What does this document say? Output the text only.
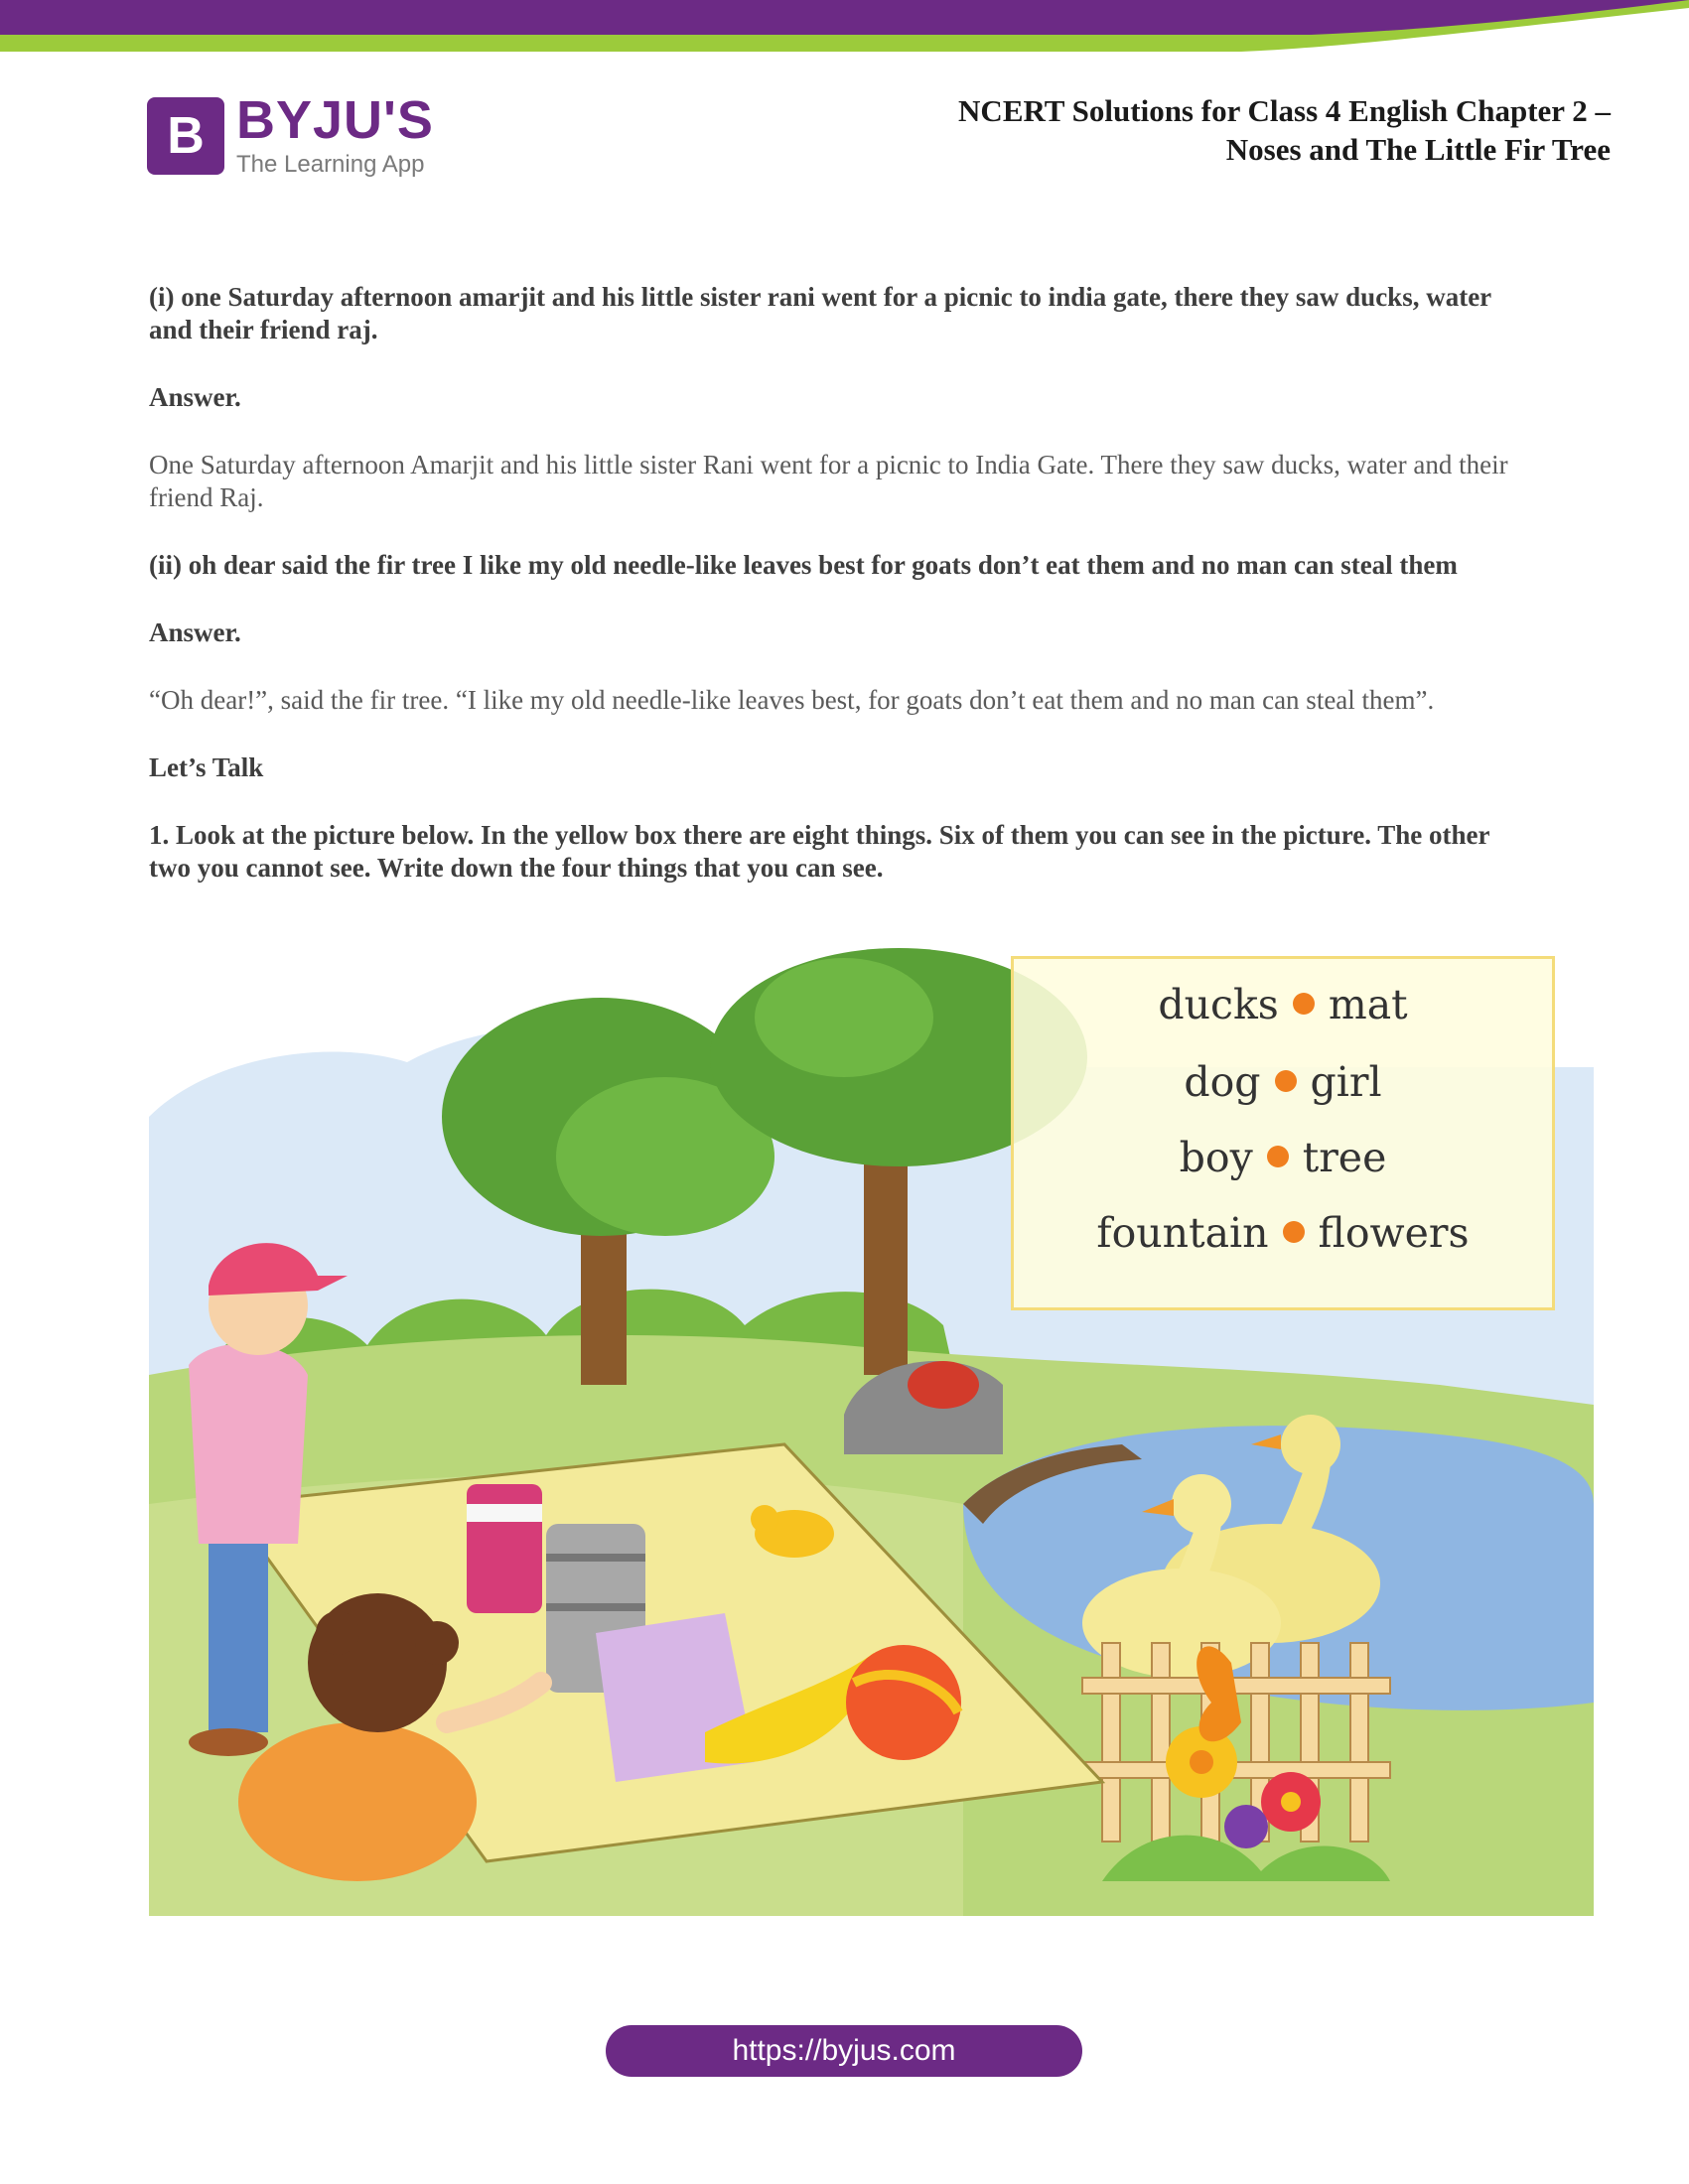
B BYJU'S
The Learning App
NCERT Solutions for Class 4 English Chapter 2 –
Noses and The Little Fir Tree

(i) one Saturday afternoon amarjit and his little sister rani went for a picnic to india gate, there they saw ducks, water and their friend raj.

Answer.

One Saturday afternoon Amarjit and his little sister Rani went for a picnic to India Gate. There they saw ducks, water and their friend Raj.

(ii) oh dear said the fir tree I like my old needle-like leaves best for goats don’t eat them and no man can steal them

Answer.

“Oh dear!”, said the fir tree. “I like my old needle-like leaves best, for goats don’t eat them and no man can steal them”.

Let’s Talk

1. Look at the picture below. In the yellow box there are eight things. Six of them you can see in the picture. The other two you cannot see. Write down the four things that you can see.

ducks mat
dog girl
boy tree
fountain flowers
https://byjus.com
